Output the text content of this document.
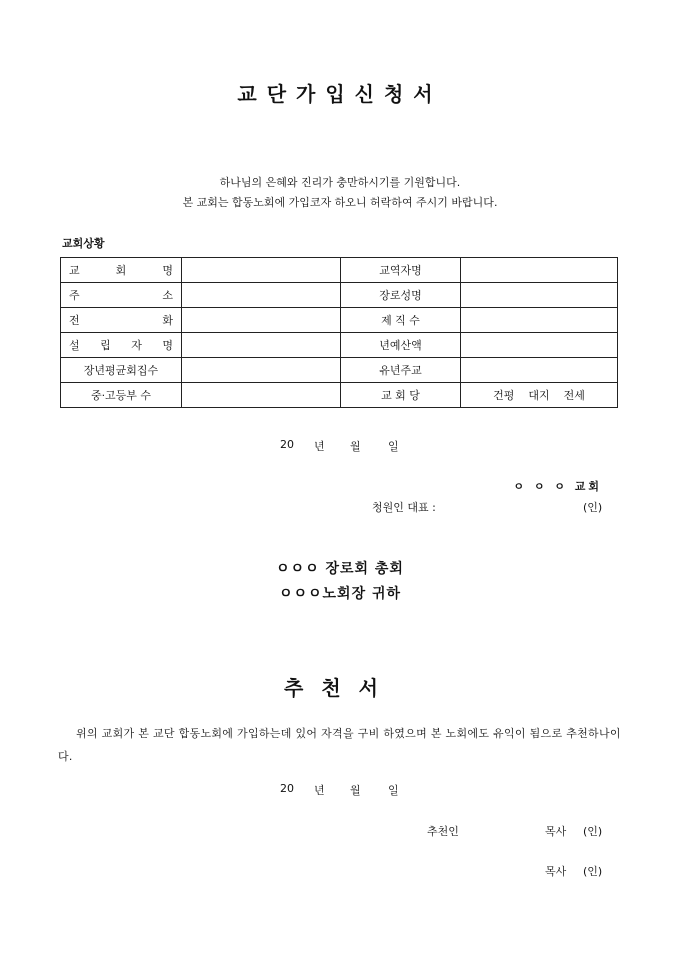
교단가입신청서
하나님의 은혜와 진리가 충만하시기를 기원합니다.
본 교회는 합동노회에 가입코자 하오니 허락하여 주시기 바랍니다.
교회상황
교 회 명		교역자명	

주 소		장로성명	

전 화		제 직 수	

설 립 자 명		년예산액	
장년평균회집수		유년주교	
중·고등부 수		교 회 당	건평 대지 전세
20 년 월 일
ㅇ ㅇ ㅇ 교회
청원인 대표 :	(인)
ㅇㅇㅇ 장로회 총회
ㅇㅇㅇ노회장 귀하
추천서
위의 교회가 본 교단 합동노회에 가입하는데 있어 자격을 구비 하였으며 본 노회에도 유익이 됨으로 추천하나이다.
20 년 월 일
추천인	목사 (인)
목사 (인)
